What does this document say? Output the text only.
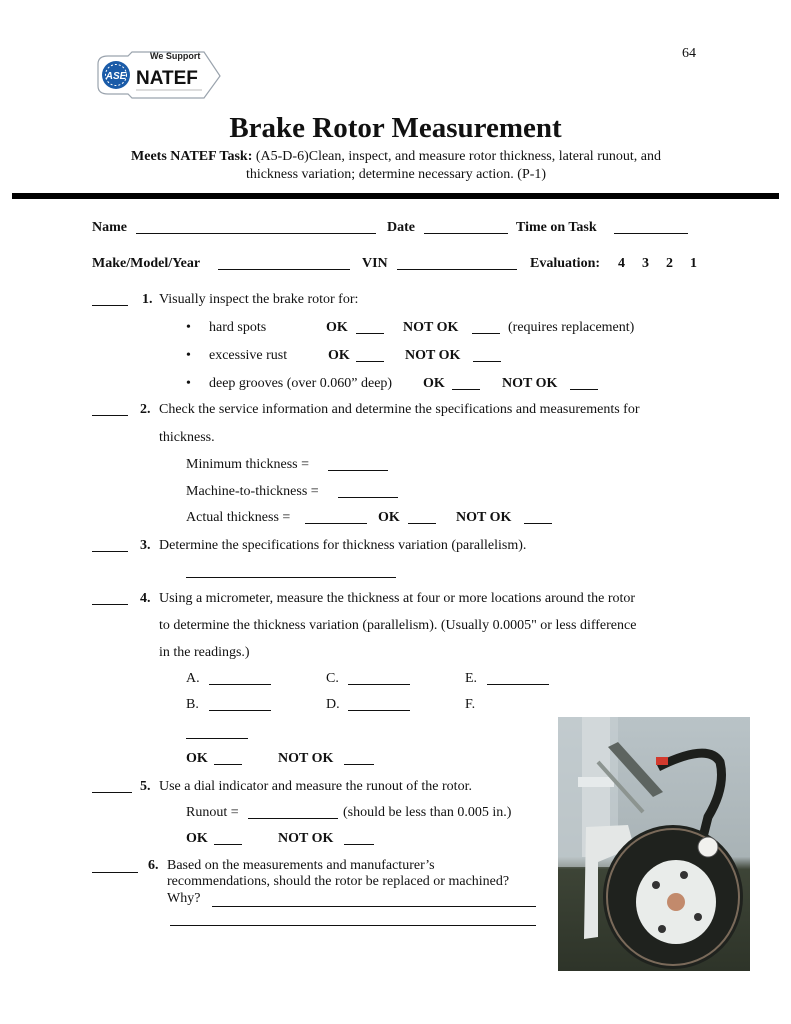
64
ASE
We Support
NATEF
Brake Rotor Measurement
Meets NATEF Task: (A5-D-6)Clean, inspect, and measure rotor thickness, lateral runout, and
thickness variation; determine necessary action. (P-1)
Name	Date	Time on Task
Make/Model/Year	VIN	Evaluation: 4 3 2 1
1. Visually inspect the brake rotor for:
• hard spots	OK	NOT OK	(requires replacement)
• excessive rust	OK	NOT OK
• deep grooves (over 0.060” deep) OK	NOT OK
2. Check the service information and determine the specifications and measurements for
thickness.
Minimum thickness =
Machine-to-thickness =
Actual thickness =	OK	NOT OK
3. Determine the specifications for thickness variation (parallelism).
4. Using a micrometer, measure the thickness at four or more locations around the rotor
to determine the thickness variation (parallelism). (Usually 0.0005" or less difference
in the readings.)
A.	C.	E.
B.	D.	F.
OK	NOT OK
5. Use a dial indicator and measure the runout of the rotor.
Runout =	(should be less than 0.005 in.)
OK	NOT OK
6. Based on the measurements and manufacturer’s
recommendations, should the rotor be replaced or machined?
Why?
